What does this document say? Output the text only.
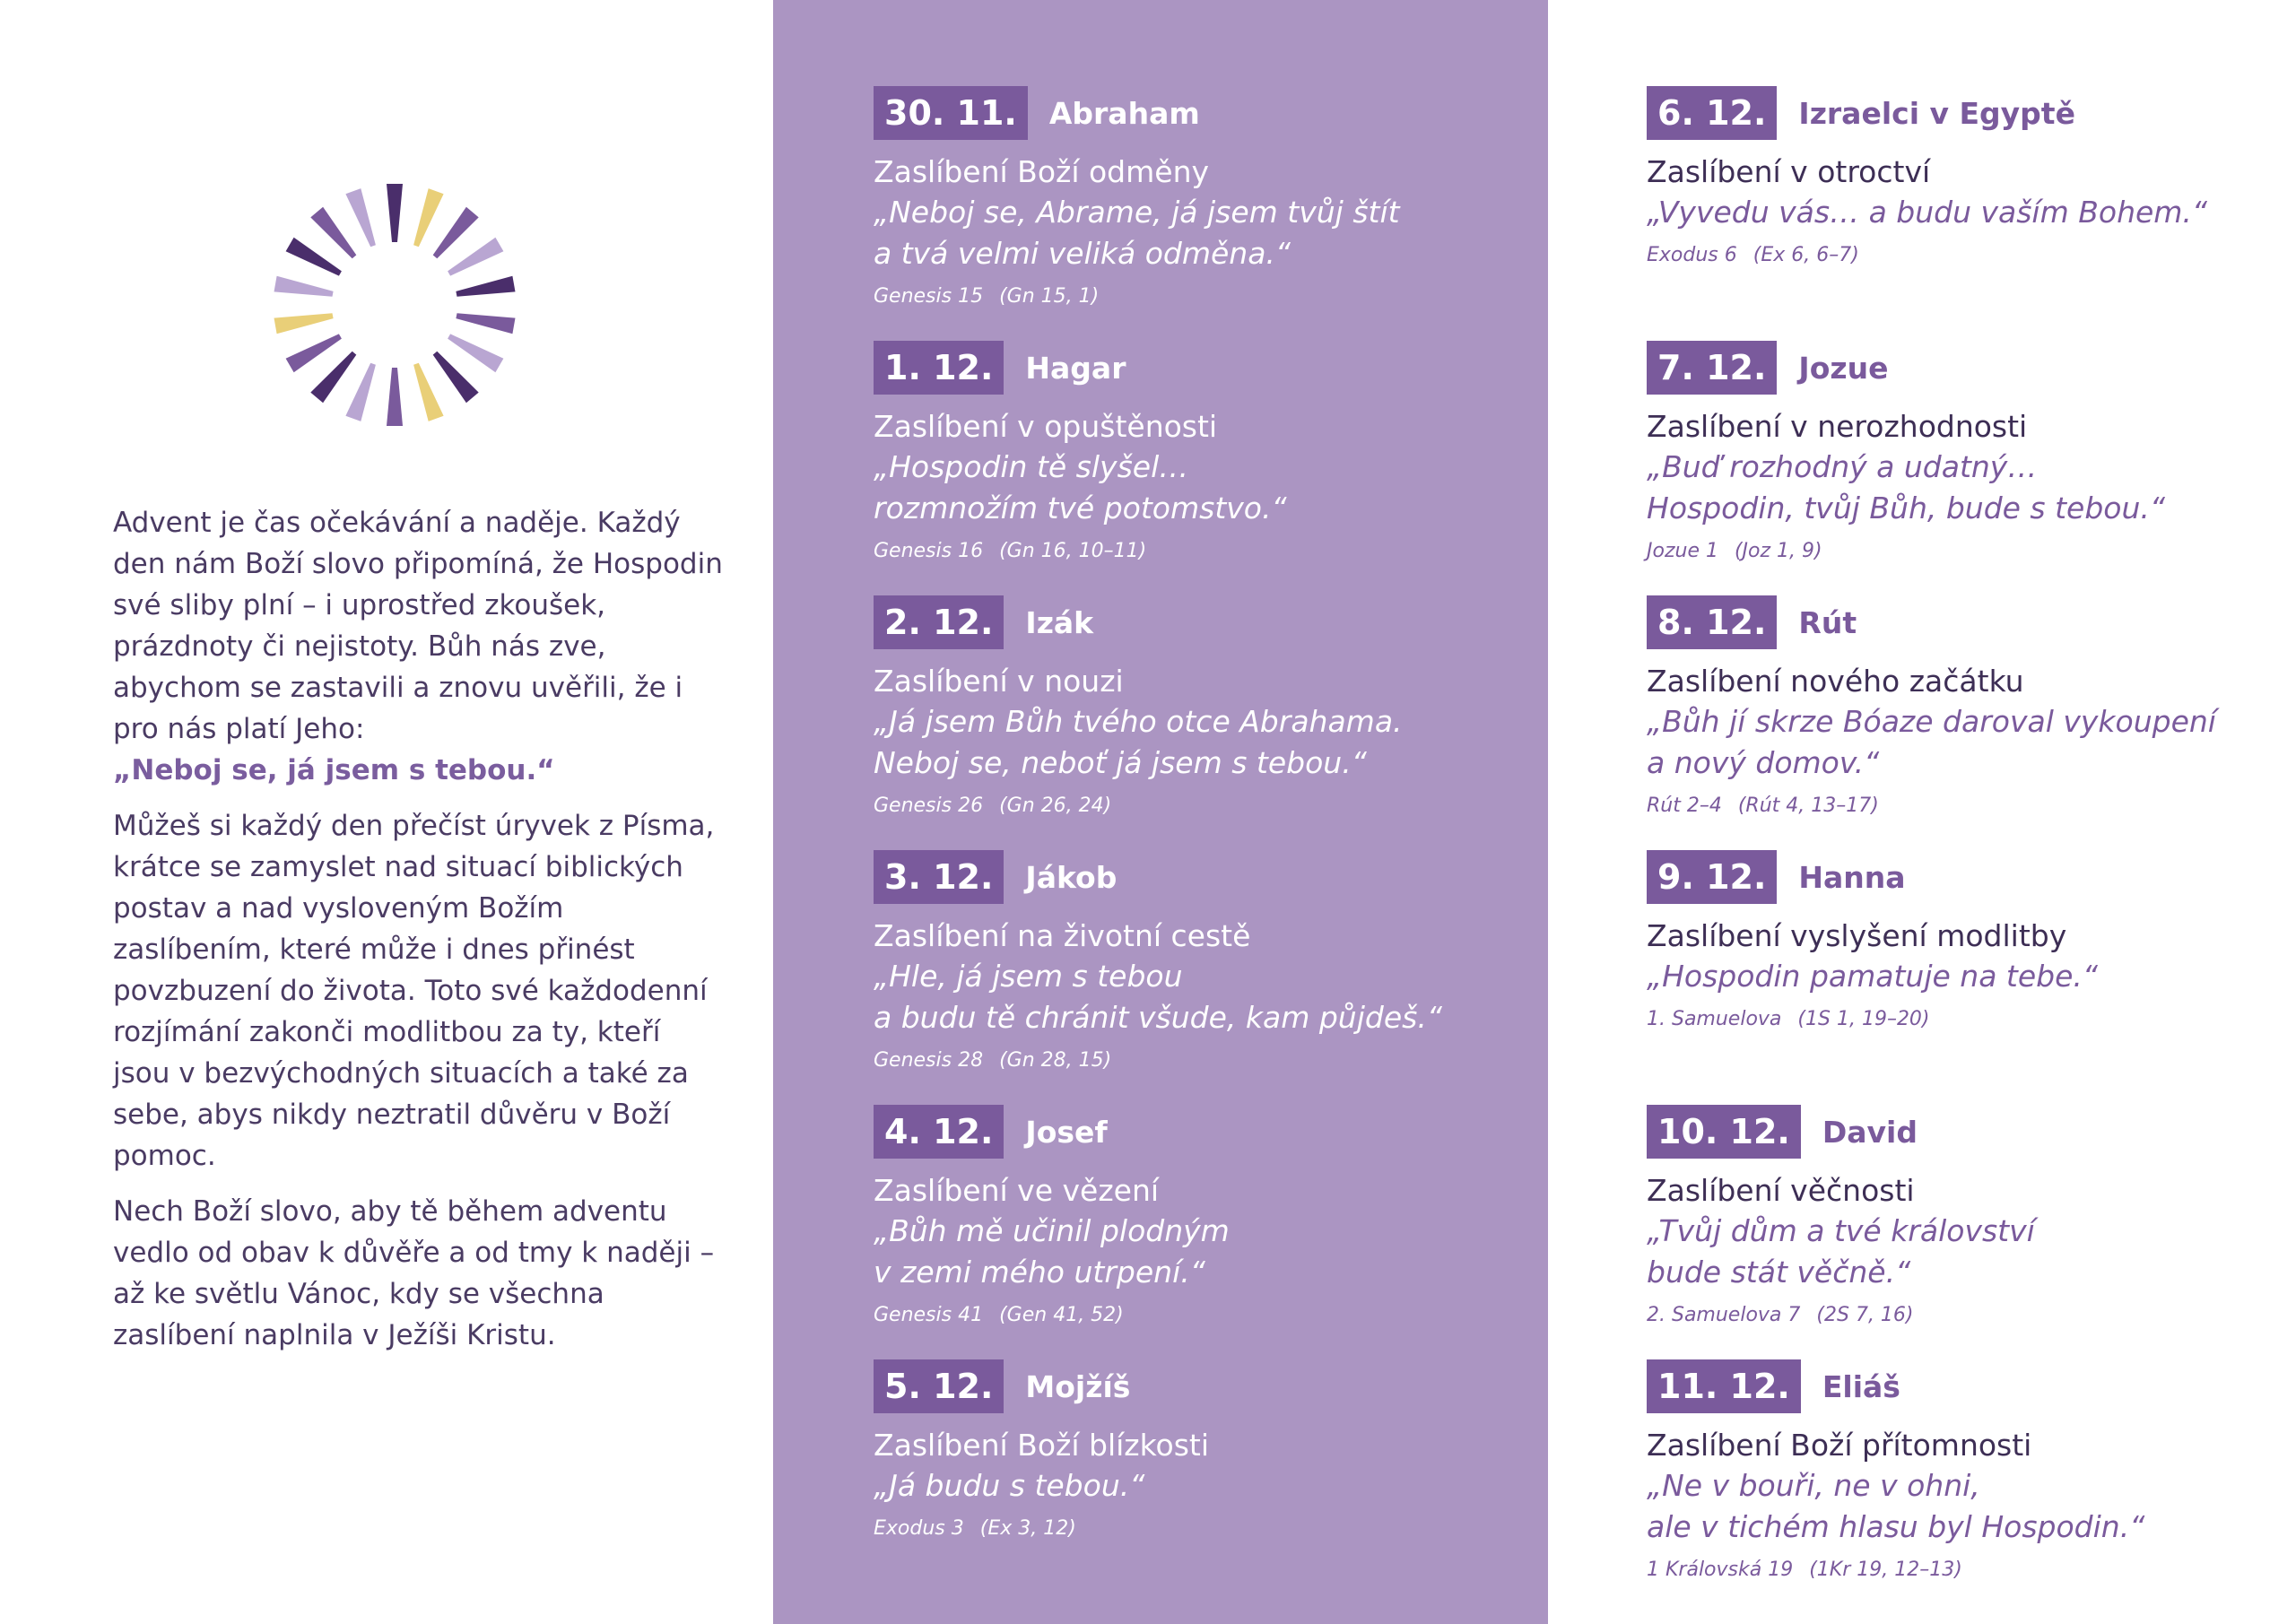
Advent je čas očekávání a naděje. Každý den nám Boží slovo připomíná, že Hospodin své sliby plní – i uprostřed zkoušek, prázdnoty či nejistoty. Bůh nás zve, abychom se zastavili a znovu uvěřili, že i pro nás platí Jeho:
„Neboj se, já jsem s tebou.“

Můžeš si každý den přečíst úryvek z Písma, krátce se zamyslet nad situací biblických postav a nad vysloveným Božím zaslíbením, které může i dnes přinést povzbuzení do života. Toto své každodenní rozjímání zakonči modlitbou za ty, kteří jsou v bezvýchodných situacích a také za sebe, abys nikdy neztratil důvěru v Boží pomoc.

Nech Boží slovo, aby tě během adventu vedlo od obav k důvěře a od tmy k naději – až ke světlu Vánoc, kdy se všechna zaslíbení naplnila v Ježíši Kristu.

30. 11.	Abraham
Zaslíbení Boží odměny
„Neboj se, Abrame, já jsem tvůj štít
a tvá velmi veliká odměna.“
Genesis 15 (Gn 15, 1)
1. 12.	Hagar
Zaslíbení v opuštěnosti
„Hospodin tě slyšel…
rozmnožím tvé potomstvo.“
Genesis 16 (Gn 16, 10–11)
2. 12.	Izák
Zaslíbení v nouzi
„Já jsem Bůh tvého otce Abrahama.
Neboj se, neboť já jsem s tebou.“
Genesis 26 (Gn 26, 24)
3. 12.	Jákob
Zaslíbení na životní cestě
„Hle, já jsem s tebou
a budu tě chránit všude, kam půjdeš.“
Genesis 28 (Gn 28, 15)
4. 12.	Josef
Zaslíbení ve vězení
„Bůh mě učinil plodným
v zemi mého utrpení.“
Genesis 41 (Gen 41, 52)
5. 12.	Mojžíš
Zaslíbení Boží blízkosti
„Já budu s tebou.“
Exodus 3 (Ex 3, 12)
6. 12.	Izraelci v Egyptě
Zaslíbení v otroctví
„Vyvedu vás… a budu vaším Bohem.“
Exodus 6 (Ex 6, 6–7)
7. 12.	Jozue
Zaslíbení v nerozhodnosti
„Buď rozhodný a udatný…
Hospodin, tvůj Bůh, bude s tebou.“
Jozue 1 (Joz 1, 9)
8. 12.	Rút
Zaslíbení nového začátku
„Bůh jí skrze Bóaze daroval vykoupení
a nový domov.“
Rút 2–4 (Rút 4, 13–17)
9. 12.	Hanna
Zaslíbení vyslyšení modlitby
„Hospodin pamatuje na tebe.“
1. Samuelova (1S 1, 19–20)
10. 12.	David
Zaslíbení věčnosti
„Tvůj dům a tvé království
bude stát věčně.“
2. Samuelova 7 (2S 7, 16)
11. 12.	Eliáš
Zaslíbení Boží přítomnosti
„Ne v bouři, ne v ohni,
ale v tichém hlasu byl Hospodin.“
1 Královská 19 (1Kr 19, 12–13)
